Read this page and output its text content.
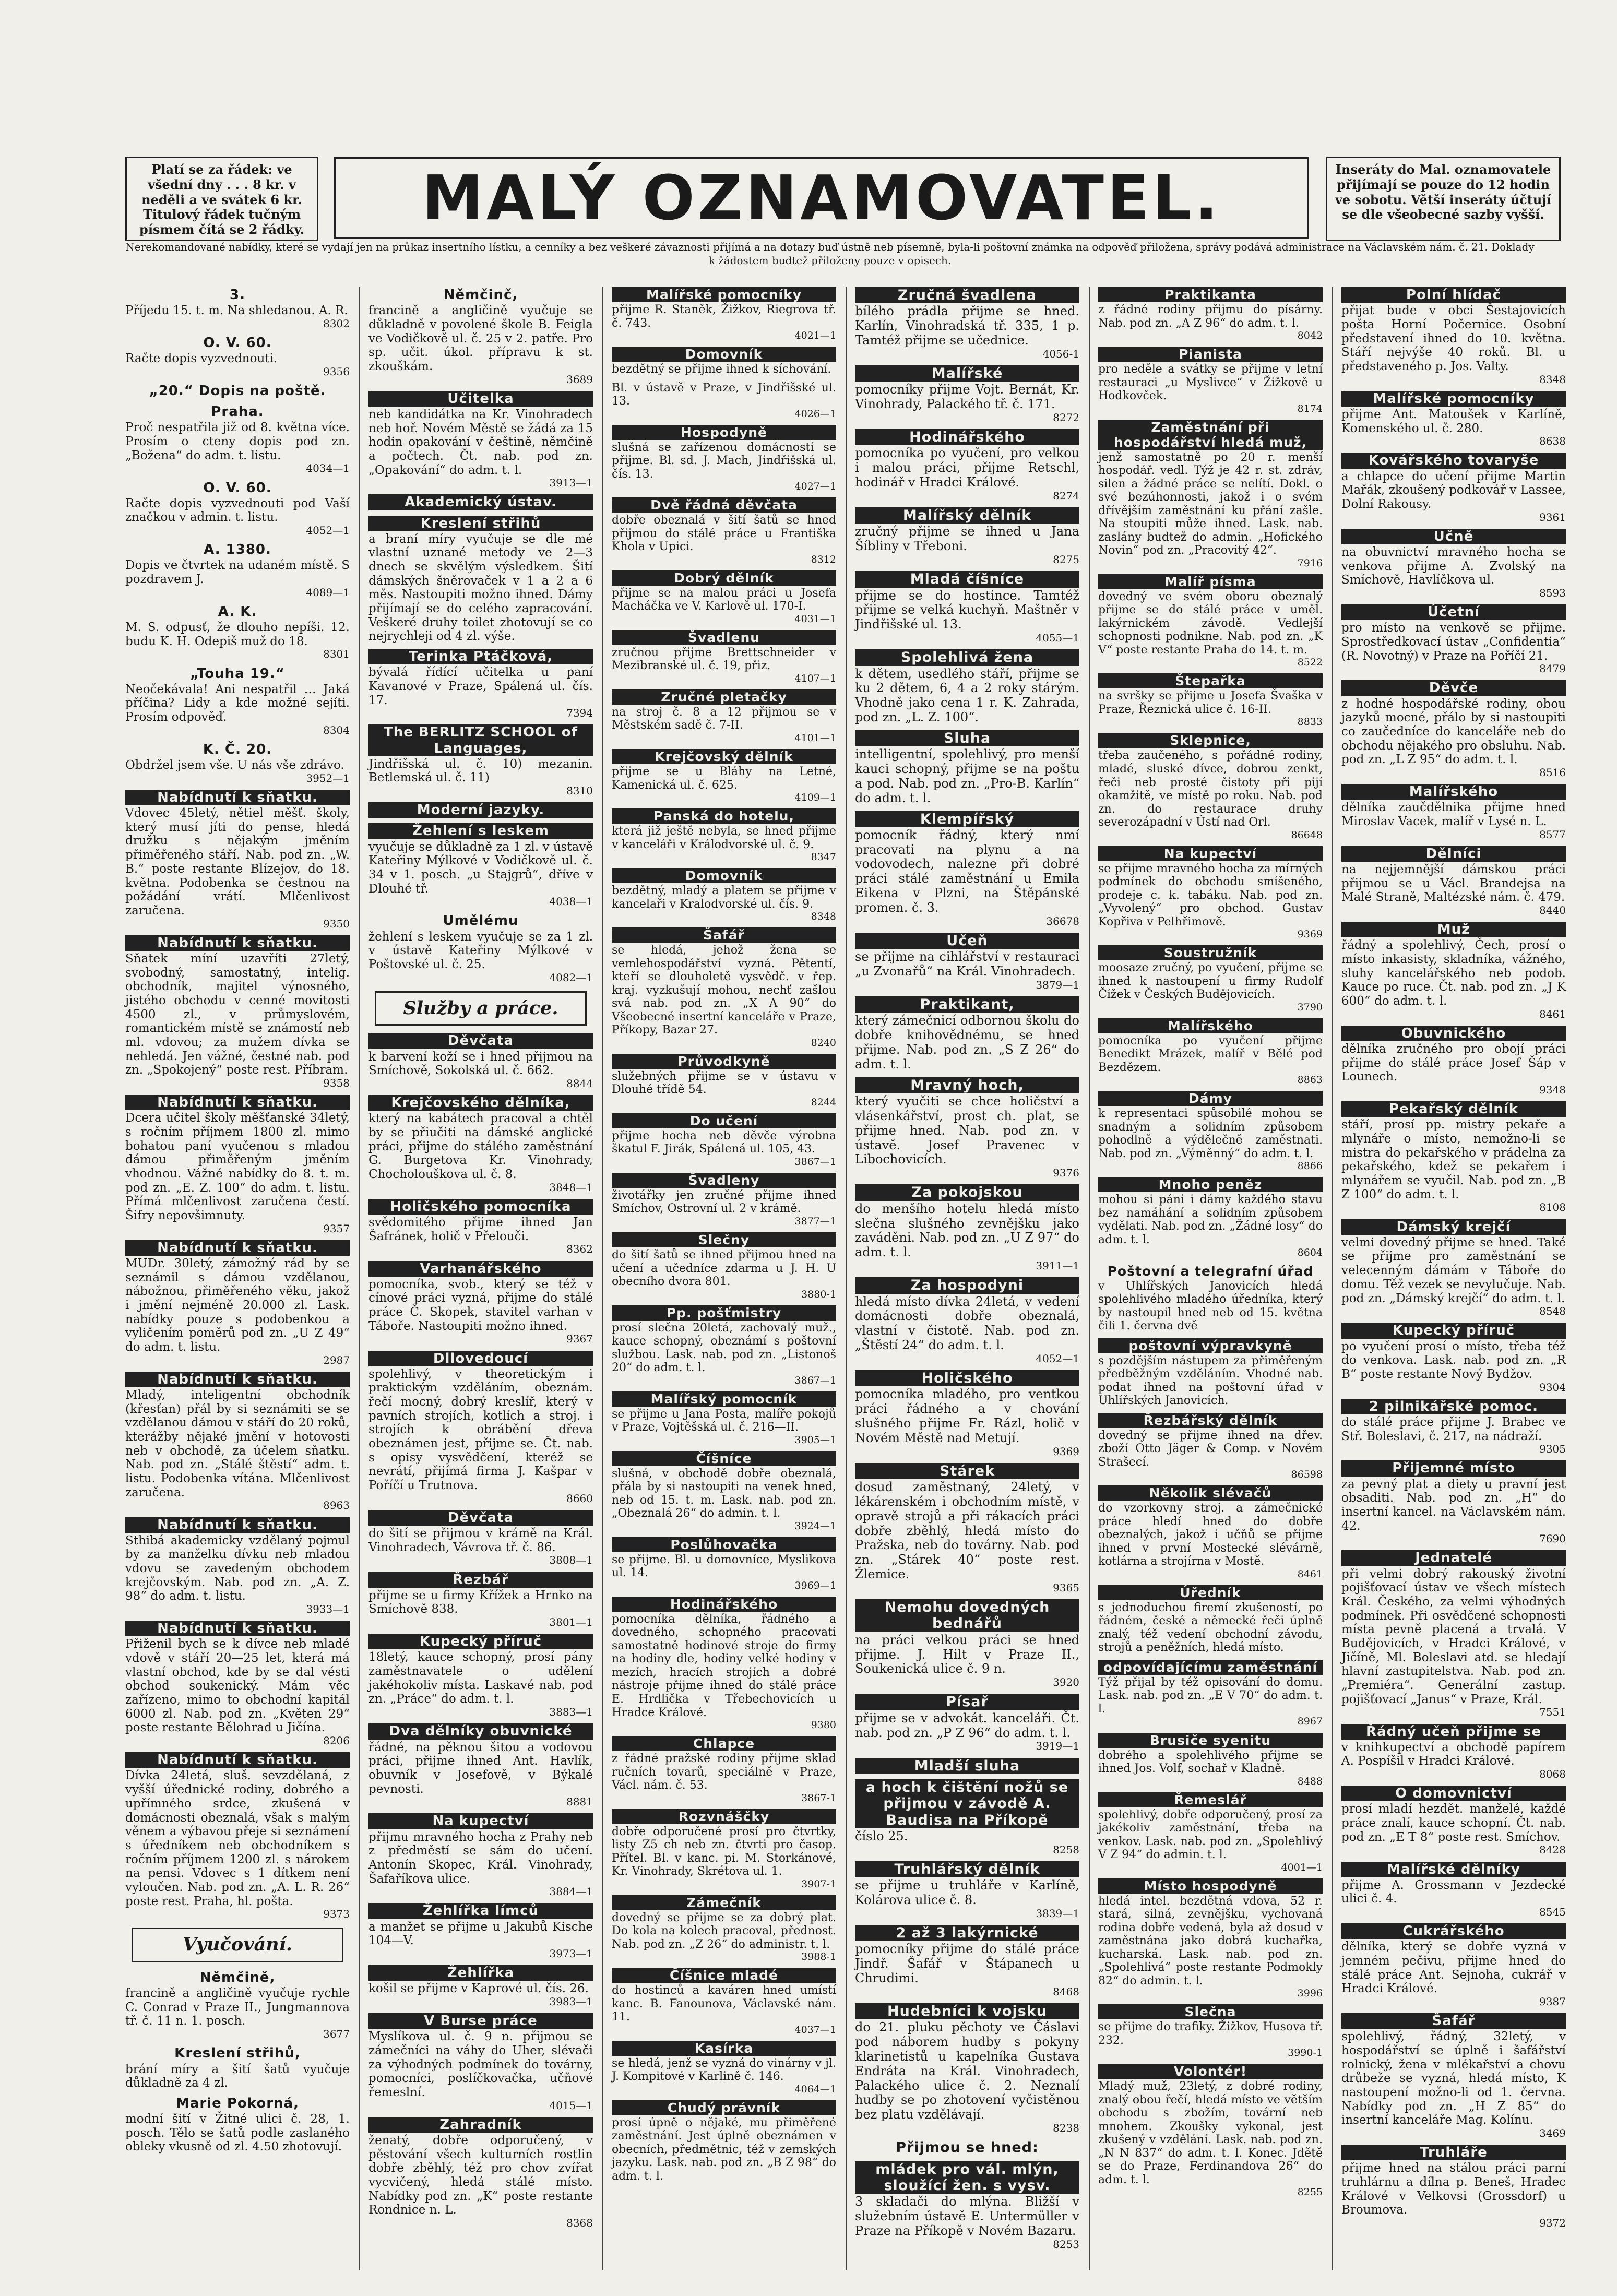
Platí se za řádek: ve všední dny . . . 8 kr. v neděli a ve svátek 6 kr. Titulový řádek tučným písmem čítá se 2 řádky.	MALÝ OZNAMOVATEL.	Inseráty do Mal. oznamovatele přijímají se pouze do 12 hodin ve sobotu. Větší inseráty účtují se dle všeobecné sazby vyšší.
Nerekomandované nabídky, které se vydají jen na průkaz insertního lístku, a cenníky a bez veškeré závaznosti přijímá a na dotazy buď ústně neb písemně, byla-li poštovní známka na odpověď přiložena, správy podává administrace na Václavském nám. č. 21. Doklady k žádostem budtež přiloženy pouze v opisech.
3.
Příjedu 15. t. m. Na shledanou. A. R.
8302
O. V. 60.
Račte dopis vyzvednouti.
9356
„20.“ Dopis na poště.
Praha.
Proč nespatřila již od 8. května více. Prosím o cteny dopis pod zn. „Božena“ do adm. t. listu.
4034—1
O. V. 60.
Račte dopis vyzvednouti pod Vaší značkou v admin. t. listu.
4052—1
A. 1380.
Dopis ve čtvrtek na udaném místě. S pozdravem J.
4089—1
A. K.
M. S. odpusť, že dlouho nepíši. 12. budu K. H. Odepiš muž do 18.
8301
„Touha 19.“
Neočekávala! Ani nespatřil … Jaká příčina? Lidy a kde možné sejíti. Prosím odpověď.
8304
K. Č. 20.
Obdržel jsem vše. U nás vše zdrávo.
3952—1
Nabídnutí k sňatku.
Vdovec 45letý, nětiel měšť. školy, který musí jíti do pense, hledá družku s nějakým jměním přiměřeného stáří. Nab. pod zn. „W. B.“ poste restante Blízejov, do 18. května. Podobenka se čestnou na požádání vrátí. Mlčenlivost zaručena.
9350
Nabídnutí k sňatku.
Sňatek míní uzavříti 27letý, svobodný, samostatný, intelig. obchodník, majitel výnosného, jistého obchodu v cenné movitosti 4500 zl., v průmyslovém, romantickém místě se známostí neb ml. vdovou; za mužem dívka se nehledá. Jen vážné, čestné nab. pod zn. „Spokojený“ poste rest. Příbram.
9358
Nabídnutí k sňatku.
Dcera učitel školy měšťanské 34letý, s ročním příjmem 1800 zl. mimo bohatou paní vyučenou s mladou dámou přiměřeným jměním vhodnou. Vážné nabídky do 8. t. m. pod zn. „E. Z. 100“ do adm. t. listu. Přímá mlčenlivost zaručena čestí. Šifry nepovšimnuty.
9357
Nabídnutí k sňatku.
MUDr. 30letý, zámožný rád by se seznámil s dámou vzdělanou, nábožnou, přiměřeného věku, jakož i jmění nejméně 20.000 zl. Lask. nabídky pouze s podobenkou a vyličením poměrů pod zn. „U Z 49“ do adm. t. listu.
2987
Nabídnutí k sňatku.
Mladý, inteligentní obchodník (křesťan) přál by si seznámiti se se vzdělanou dámou v stáří do 20 roků, kterážby nějaké jmění v hotovosti neb v obchodě, za účelem sňatku. Nab. pod zn. „Stálé štěstí“ adm. t. listu. Podobenka vítána. Mlčenlivost zaručena.
8963
Nabídnutí k sňatku.
Sthibá akademicky vzdělaný pojmul by za manželku dívku neb mladou vdovu se zavedeným obchodem krejčovským. Nab. pod zn. „A. Z. 98“ do adm. t. listu.
3933—1
Nabídnutí k sňatku.
Přiženil bych se k dívce neb mladé vdově v stáří 20—25 let, která má vlastní obchod, kde by se dal vésti obchod soukenický. Mám věc zařízeno, mimo to obchodní kapitál 6000 zl. Nab. pod zn. „Květen 29“ poste restante Bělohrad u Jičína.
8206
Nabídnutí k sňatku.
Dívka 24letá, sluš. sevzdělaná, z vyšší úřednické rodiny, dobrého a upřímného srdce, zkušená v domácnosti obeznalá, však s malým věnem a výbavou přeje si seznámení s úředníkem neb obchodníkem s ročním příjmem 1200 zl. s nárokem na pensi. Vdovec s 1 dítkem není vyloučen. Nab. pod zn. „A. L. R. 26“ poste rest. Praha, hl. pošta.
9373
Vyučování.
Němčině,
francině a angličině vyučuje rychle C. Conrad v Praze II., Jungmannova tř. č. 11 n. 1. posch.
3677
Kreslení střihů,
brání míry a šití šatů vyučuje důkladně za 4 zl.
Marie Pokorná,
modní šití v Žitné ulici č. 28, 1. posch. Tělo se šatů podle zaslaného obleky vkusně od zl. 4.50 zhotovují.
Němčinč,
francině a angličině vyučuje se důkladně v povolené škole B. Feigla ve Vodičkově ul. č. 25 v 2. patře. Pro sp. učit. úkol. přípravu k st. zkouškám.
3689
Učitelka
neb kandidátka na Kr. Vinohradech neb hoř. Novém Městě se žádá za 15 hodin opakování v češtině, němčině a počtech. Čt. nab. pod zn. „Opakování“ do adm. t. l.
3913—1
Akademický ústav.
Kreslení střihů
a braní míry vyučuje se dle mé vlastní uznané metody ve 2—3 dnech se skvělým výsledkem. Šití dámských šněrovaček v 1 a 2 a 6 měs. Nastoupiti možno ihned. Dámy přijímají se do celého zapracování. Veškeré druhy toilet zhotovují se co nejrychleji od 4 zl. výše.
Terinka Ptáčková,
bývalá řídící učitelka u paní Kavanové v Praze, Spálená ul. čís. 17.
7394
The BERLITZ SCHOOL of Languages,
Jindřišská ul. č. 10) mezanin. Betlemská ul. č. 11)
8310
Moderní jazyky.
Žehlení s leskem
vyučuje se důkladně za 1 zl. v ústavě Kateřiny Mýlkové v Vodičkově ul. č. 34 v 1. posch. „u Stajgrů“, dříve v Dlouhé tř.
4038—1
Umělému
žehlení s leskem vyučuje se za 1 zl. v ústavě Kateřiny Mýlkové v Poštovské ul. č. 25.
4082—1
Služby a práce.
Děvčata
k barvení koží se i hned přijmou na Smíchově, Sokolská ul. č. 662.
8844
Krejčovského dělníka,
který na kabátech pracoval a chtěl by se přiučiti na dámské anglické práci, přijme do stálého zaměstnání G. Burgetova Kr. Vinohrady, Chocholouškova ul. č. 8.
3848—1
Holičského pomocníka
svědomitého přijme ihned Jan Šafránek, holič v Přelouči.
8362
Varhanářského
pomocníka, svob., který se též v cínové práci vyzná, přijme do stálé práce Č. Skopek, stavitel varhan v Táboře. Nastoupiti možno ihned.
9367
Dllovedoucí
spolehlivý, v theoretickým i praktickým vzděláním, obeznám. řečí mocný, dobrý kreslíř, který v pavních strojích, kotlích a stroj. i strojích k obrábění dřeva obeznámen jest, přijme se. Čt. nab. s opisy vysvědčení, kteréž se nevrátí, přijímá firma J. Kašpar v Poříčí u Trutnova.
8660
Děvčata
do šití se přijmou v krámě na Král. Vinohradech, Vávrova tř. č. 86.
3808—1
Řezbář
přijme se u firmy Křížek a Hrnko na Smíchově 838.
3801—1
Kupecký příruč
18letý, kauce schopný, prosí pány zaměstnavatele o udělení jakéhokoliv místa. Laskavé nab. pod zn. „Práce“ do adm. t. l.
3883—1
Dva dělníky obuvnické
řádné, na pěknou šitou a vodovou práci, přijme ihned Ant. Havlík, obuvník v Josefově, v Býkalé pevnosti.
8881
Na kupectví
přijmu mravného hocha z Prahy neb z předměstí se sám do učení. Antonín Skopec, Král. Vinohrady, Šafaříkova ulice.
3884—1
Žehlířka límců
a manžet se přijme u Jakubů Kische 104—V.
3973—1
Žehlířka
košil se přijme v Kaprové ul. čís. 26.
3983—1
V Burse práce
Myslíkova ul. č. 9 n. přijmou se zámečníci na váhy do Uher, slévači za výhodných podmínek do továrny, pomocníci, poslíčkovačka, učňové řemeslní.
4015—1
Zahradník
ženatý, dobře odporučený, v pěstování všech kulturních rostlin dobře zběhlý, též pro chov zvířat vycvičený, hledá stálé místo. Nabídky pod zn. „K“ poste restante Rondnice n. L.
8368
Malířské pomocníky
přijme R. Staněk, Žižkov, Riegrova tř. č. 743.
4021—1
Domovník
bezdětný se přijme ihned k síchování.
Bl. v ústavě v Praze, v Jindřišské ul. 13.
4026—1
Hospodyně
slušná se zařízenou domácností se přijme. Bl. sd. J. Mach, Jindřišská ul. čís. 13.
4027—1
Dvě řádná děvčata
dobře obeznalá v šití šatů se hned přijmou do stálé práce u Františka Khola v Upici.
8312
Dobrý dělník
přijme se na malou práci u Josefa Macháčka ve V. Karlově ul. 170-I.
4031—1
Švadlenu
zručnou přijme Brettschneider v Mezibranské ul. č. 19, přiz.
4107—1
Zručné pletačky
na stroj č. 8 a 12 přijmou se v Městském sadě č. 7-II.
4101—1
Krejčovský dělník
přijme se u Bláhy na Letné, Kamenická ul. č. 625.
4109—1
Panská do hotelu,
která již ještě nebyla, se hned přijme v kanceláři v Králodvorské ul. č. 9.
8347
Domovník
bezdětný, mladý a platem se přijme v kancelaři v Kralodvorské ul. čís. 9.
8348
Šafář
se hledá, jehož žena se vemlehospodářství vyzná. Pětentí, kteří se dlouholetě vysvědč. v řep. kraj. vyzkušují mohou, nechť zašlou svá nab. pod zn. „X A 90“ do Všeobecné insertní kanceláře v Praze, Příkopy, Bazar 27.
8240
Průvodkyně
služebných přijme se v ústavu v Dlouhé třídě 54.
8244
Do učení
přijme hocha neb děvče výrobna škatul F. Jirák, Spálená ul. 105, 43.
3867—1
Švadleny
životářky jen zručné přijme ihned Smíchov, Ostrovní ul. 2 v krámě.
3877—1
Slečny
do šití šatů se ihned přijmou hned na učení a učedníce zdarma u J. H. U obecního dvora 801.
3880-1
Pp. pošťmistry
prosí slečna 20letá, zachovalý muž., kauce schopný, obeznámí s poštovní službou. Lask. nab. pod zn. „Listonoš 20“ do adm. t. l.
3867—1
Malířský pomocník
se přijme u Jana Posta, malíře pokojů v Praze, Vojtěšská ul. č. 216—II.
3905—1
Číšníce
slušná, v obchodě dobře obeznalá, přála by si nastoupiti na venek hned, neb od 15. t. m. Lask. nab. pod zn. „Obeznalá 26“ do admin. t. l.
3924—1
Poslůhovačka
se přijme. Bl. u domovníce, Myslikova ul. 14.
3969—1
Hodinářského
pomocníka dělníka, řádného a dovedného, schopného pracovati samostatně hodinové stroje do firmy na hodiny dle, hodiny velké hodiny v mezích, hracích strojích a dobré nástroje přijme ihned do stálé práce E. Hrdlička v Třebechovicích u Hradce Králové.
9380
Chlapce
z řádné pražské rodiny přijme sklad ručních tovarů, speciálně v Praze, Václ. nám. č. 53.
3867-1
Rozvnáščky
dobře odporučené prosí pro čtvrtky, listy Z5 ch neb zn. čtvrti pro časop. Přítel. Bl. v kanc. pi. M. Storkánové, Kr. Vinohrady, Skrétova ul. 1.
3907-1
Zámečník
dovedný se přijme se za dobrý plat. Do kola na kolech pracoval, přednost. Nab. pod zn. „Z 26“ do administr. t. l.
3988-1
Číšnice mladé
do hostinců a kaváren hned umístí kanc. B. Fanounova, Václavské nám. 11.
4037—1
Kasírka
se hledá, jenž se vyzná do vinárny v jl. J. Kompitové v Karlině č. 146.
4064—1
Chudý právník
prosí úpně o nějaké, mu přiměřené zaměstnání. Jest úplně obeznámen v obecních, předmětnic, též v zemských jazyku. Lask. nab. pod zn. „B Z 98“ do adm. t. l.
Zručná švadlena
bílého prádla přijme se hned. Karlín, Vinohradská tř. 335, 1 p. Tamtéž přijme se učednice.
4056-1
Malířské
pomocníky přijme Vojt. Bernát, Kr. Vinohrady, Palackého tř. č. 171.
8272
Hodinářského
pomocníka po vyučení, pro velkou i malou práci, přijme Retschl, hodinář v Hradci Králové.
8274
Malířský dělník
zručný přijme se ihned u Jana Šíbliny v Třeboni.
8275
Mladá číšníce
přijme se do hostince. Tamtéž přijme se velká kuchyň. Maštněr v Jindřišské ul. 13.
4055—1
Spolehlivá žena
k dětem, usedlého stáří, přijme se ku 2 dětem, 6, 4 a 2 roky stárým. Vhodně jako cena 1 r. K. Zahrada, pod zn. „L. Z. 100“.
Sluha
intelligentní, spolehlivý, pro menší kauci schopný, přijme se na poštu a pod. Nab. pod zn. „Pro-B. Karlín“ do adm. t. l.
Klempířský
pomocník řádný, který nmí pracovati na plynu a na vodovodech, nalezne při dobré práci stálé zaměstnání u Emila Eikena v Plzni, na Štěpánské promen. č. 3.
36678
Učeň
se přijme na cihlářství v restauraci „u Zvonařů“ na Král. Vinohradech.
3879—1
Praktikant,
který zámečnicí odbornou školu do dobře knihovědnému, se hned přijme. Nab. pod zn. „S Z 26“ do adm. t. l.
Mravný hoch,
který vyučiti se chce holičství a vlásenkářství, prost ch. plat, se přijme hned. Nab. pod zn. v ústavě. Josef Pravenec v Libochovicích.
9376
Za pokojskou
do menšího hotelu hledá místo slečna slušného zevnějšku jako zaváděni. Nab. pod zn. „U Z 97“ do adm. t. l.
3911—1
Za hospodyni
hledá místo dívka 24letá, v vedení domácnosti dobře obeznalá, vlastní v čistotě. Nab. pod zn. „Štěstí 24“ do adm. t. l.
4052—1
Holičského
pomocníka mladého, pro ventkou práci řádného a v chování slušného přijme Fr. Rázl, holič v Novém Městě nad Metují.
9369
Stárek
dosud zaměstnaný, 24letý, v lékárenském i obchodním místě, v opravě strojů a při rákacích práci dobře zběhlý, hledá místo do Pražska, neb do továrny. Nab. pod zn. „Stárek 40“ poste rest. Žlemice.
9365
Nemohu dovedných bednářů
na práci velkou práci se hned přijme. J. Hilt v Praze II., Soukenická ulice č. 9 n.
3920
Písař
přijme se v advokát. kanceláři. Čt. nab. pod zn. „P Z 96“ do adm. t. l.
3919—1
Mladší sluha
a hoch k čištění nožů se přijmou v závodě A. Baudisa na Příkopě
číslo 25.
8258
Truhlářský dělník
se přijme u truhláře v Karlíně, Kolárova ulice č. 8.
3839—1
2 až 3 lakýrnické
pomocníky přijme do stálé práce Jindř. Šafář v Štápanech u Chrudimi.
8468
Hudebníci k vojsku
do 21. pluku pěchoty ve Čáslavi pod náborem hudby s pokyny klarinetistů u kapelníka Gustava Endráta na Král. Vinohradech, Palackého ulice č. 2. Neznalí hudby se po zhotovení vyčistěnou bez platu vzdělávají.
8238
Přijmou se hned:
mládek pro vál. mlýn, sloužící žen. s vysv.
3 skladači do mlýna. Bližší v služebním ústavě E. Untermüller v Praze na Příkopě v Novém Bazaru.
8253
Praktikanta
z řádné rodiny přijmu do písárny. Nab. pod zn. „A Z 96“ do adm. t. l.
8042
Pianista
pro neděle a svátky se přijme v letní restauraci „u Myslivce“ v Žižkově u Hodkovček.
8174
Zaměstnání při hospodářství hledá muž,
jenž samostatně po 20 r. menší hospodář. vedl. Týž je 42 r. st. zdráv, silen a žádné práce se nelítí. Dokl. o své bezúhonnosti, jakož i o svém dřívějším zaměstnání ku přání zašle. Na stoupiti může ihned. Lask. nab. zaslány budtež do admin. „Hofického Novin“ pod zn. „Pracovitý 42“.
7916
Malíř písma
dovedný ve svém oboru obeznalý přijme se do stálé práce v uměl. lakýrnickém závodě. Vedlejší schopnosti podnikne. Nab. pod zn. „K V“ poste restante Praha do 14. t. m.
8522
Štepařka
na svršky se přijme u Josefa Švaška v Praze, Řeznická ulice č. 16-II.
8833
Sklepnice,
třeba zaučeného, s pořádné rodiny, mladé, sluské dívce, dobrou zenkt, řeči neb prosté čistoty při pijí okamžitě, ve místě po roku. Nab. pod zn. do restaurace druhy severozápadní v Ústí nad Orl.
86648
Na kupectví
se přijme mravného hocha za mírných podmínek do obchodu smíšeného, prodeje c. k. tabáku. Nab. pod zn. „Vyvolený“ pro obchod. Gustav Kopřiva v Pelhřimově.
9369
Soustružník
moosaze zručný, po vyučení, přijme se ihned k nastoupení u firmy Rudolf Čížek v Českých Budějovicích.
3790
Malířského
pomocníka po vyučení přijme Benedikt Mrázek, malíř v Bělé pod Bezdězem.
8863
Dámy
k representaci spůsobilé mohou se snadným a solidním způsobem pohodlně a výdělečně zaměstnati. Nab. pod zn. „Výměnný“ do adm. t. l.
8866
Mnoho peněz
mohou si páni i dámy každého stavu bez namáhání a solidním způsobem vydělati. Nab. pod zn. „Žádné losy“ do adm. t. l.
8604
Poštovní a telegrafní úřad
v Uhlířských Janovicích hledá spolehlivého mladého úředníka, který by nastoupil hned neb od 15. května čili 1. června dvě
poštovní výpravkyně
s pozdějším nástupem za přiměřeným předběžným vzděláním. Vhodné nab. podat ihned na poštovní úřad v Uhlířských Janovicích.
Řezbářský dělník
dovedný se přijme ihned na dřev. zboží Otto Jäger & Comp. v Novém Strašecí.
86598
Několik slévačů
do vzorkovny stroj. a zámečnické práce hledí hned do dobře obeznalých, jakož i učňů se přijme ihned v první Mostecké slévárně, kotlárna a strojírna v Mostě.
8461
Úředník
s jednoduchou firemí zkušeností, po řádném, české a německé řeči úplně znalý, též vedení obchodní závodu, strojů a peněžních, hledá místo.
odpovídajícímu zaměstnání
Týž přijal by též opisování do domu. Lask. nab. pod zn. „E V 70“ do adm. t. l.
8967
Brusiče syenitu
dobrého a spolehlivého přijme se ihned Jos. Volf, sochař v Kladně.
8488
Řemeslář
spolehlivý, dobře odporučený, prosí za jakékoliv zaměstnání, třeba na venkov. Lask. nab. pod zn. „Spolehlivý V Z 94“ do admin. t. l.
4001—1
Místo hospodyně
hledá intel. bezdětná vdova, 52 r. stará, silná, zevnějšku, vychovaná rodina dobře vedená, byla až dosud v zaměstnána jako dobrá kuchařka, kucharská. Lask. nab. pod zn. „Spolehlivá“ poste restante Podmokly 82“ do admin. t. l.
3996
Slečna
se přijme do trafiky. Žižkov, Husova tř. 232.
3990-1
Volontér!
Mladý muž, 23letý, z dobré rodiny, znalý obou řečí, hledá místo ve větším obchodu s zbožím, tovární neb mnohem. Zkoušky vykonal, jest zkušený v vzdělání. Lask. nab. pod zn. „N N 837“ do adm. t. l. Konec. Jdětě se do Praze, Ferdinandova 26“ do adm. t. l.
8255
Polní hlídač
přijat bude v obci Šestajovicích pošta Horní Počernice. Osobní představení ihned do 10. května. Stáří nejvýše 40 roků. Bl. u představeného p. Jos. Valty.
8348
Malířské pomocníky
přijme Ant. Matoušek v Karlíně, Komenského ul. č. 280.
8638
Kovářského tovaryše
a chlapce do učení přijme Martin Mařák, zkoušený podkovář v Lassee, Dolní Rakousy.
9361
Učně
na obuvnictví mravného hocha se venkova přijme A. Zvolský na Smíchově, Havlíčkova ul.
8593
Účetní
pro místo na venkově se přijme. Sprostředkovací ústav „Confidentia“ (R. Novotný) v Praze na Poříčí 21.
8479
Děvče
z hodné hospodářské rodiny, obou jazyků mocné, přálo by si nastoupiti co zaučedníce do kanceláře neb do obchodu nějakého pro obsluhu. Nab. pod zn. „L Z 95“ do adm. t. l.
8516
Malířského
dělníka zaučdělnika přijme hned Miroslav Vacek, malíř v Lysé n. L.
8577
Dělníci
na nejjemnější dámskou práci přijmou se u Václ. Brandejsa na Malé Straně, Maltézské nám. č. 479.
8440
Muž
řádný a spolehlivý, Čech, prosí o místo inkasisty, skladníka, vážného, sluhy kancelářského neb podob. Kauce po ruce. Čt. nab. pod zn. „J K 600“ do adm. t. l.
8461
Obuvnického
dělníka zručného pro obojí práci přijme do stálé práce Josef Šáp v Lounech.
9348
Pekařský dělník
stáří, prosí pp. mistry pekaře a mlynáře o místo, nemožno-li se mistra do pekařského v prádelna za pekařského, kdež se pekařem i mlynářem se vyučil. Nab. pod zn. „B Z 100“ do adm. t. l.
8108
Dámský krejčí
velmi dovedný přijme se hned. Také se přijme pro zaměstnání se velecenným dámám v Táboře do domu. Těž vezek se nevylučuje. Nab. pod zn. „Dámský krejčí“ do adm. t. l.
8548
Kupecký příruč
po vyučení prosí o místo, třeba též do venkova. Lask. nab. pod zn. „R B“ poste restante Nový Bydžov.
9304
2 pilnikářské pomoc.
do stálé práce přijme J. Brabec ve Stř. Boleslavi, č. 217, na nádraží.
9305
Přijemné místo
za pevný plat a diety u pravní jest obsaditi. Nab. pod zn. „H“ do insertní kancel. na Václavském nám. 42.
7690
Jednatelé
při velmi dobrý rakouský životní pojišťovací ústav ve všech místech Král. Českého, za velmi výhodných podmínek. Při osvědčené schopnosti místa pevně placená a trvalá. V Budějovicích, v Hradci Králové, v Jičíně, Ml. Boleslavi atd. se hledají hlavní zastupitelstva. Nab. pod zn. „Premiéra“. Generální zastup. pojišťovací „Janus“ v Praze, Král.
7551
Řádný učeň přijme se
v knihkupectví a obchodě papírem A. Pospíšil v Hradci Králové.
8068
O domovnictví
prosí mladí hezdět. manželé, každé práce znalí, kauce schopní. Čt. nab. pod zn. „E T 8“ poste rest. Smíchov.
8428
Malířské dělníky
přijme A. Grossmann v Jezdecké ulici č. 4.
8545
Cukrářského
dělníka, který se dobře vyzná v jemném pečivu, přijme hned do stálé práce Ant. Sejnoha, cukrář v Hradci Králové.
9387
Šafář
spolehlivý, řádný, 32letý, v hospodářství se úplně i šafářství rolnický, žena v mlékařství a chovu drůbeže se vyzná, hledá místo, K nastoupení možno-li od 1. června. Nabídky pod zn. „H Z 85“ do insertní kanceláře Mag. Kolínu.
3469
Truhláře
přijme hned na stálou práci parní truhlárnu a dílna p. Beneš, Hradec Králové v Velkovsi (Grossdorf) u Broumova.
9372
